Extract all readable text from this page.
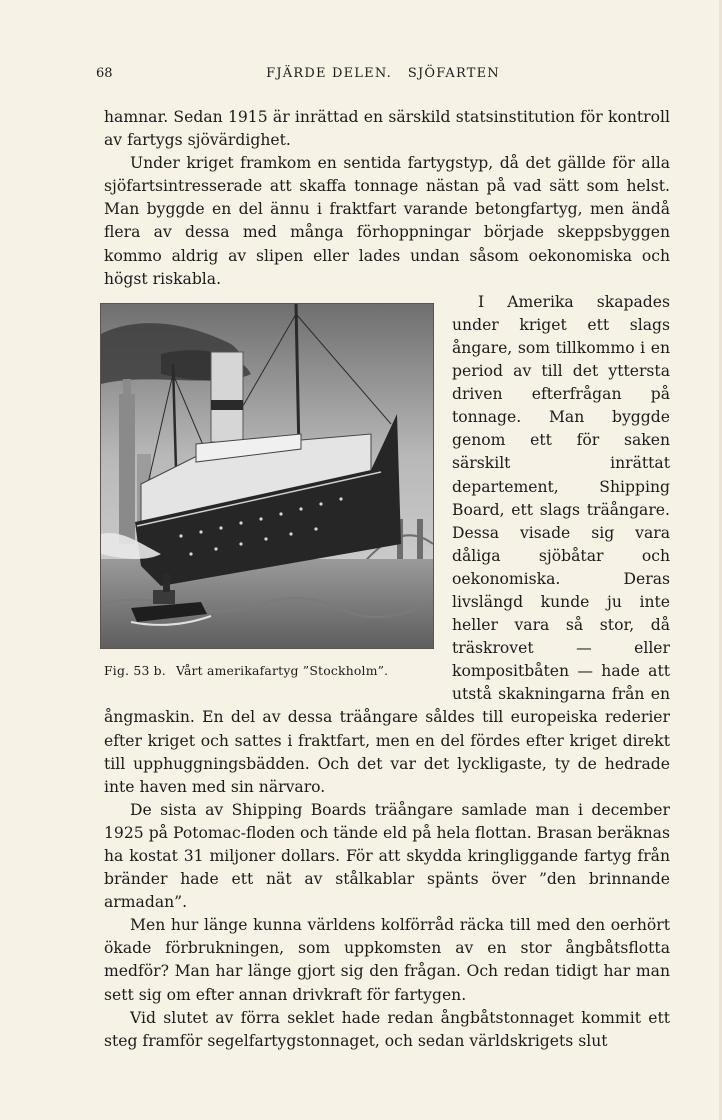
68	FJÄRDE DELEN.   SJÖFARTEN

hamnar. Sedan 1915 är inrättad en särskild statsinstitution för kontroll av fartygs sjövärdighet.

Under kriget framkom en sentida fartygstyp, då det gällde för alla sjöfartsintresserade att skaffa tonnage nästan på vad sätt som helst. Man byggde en del ännu i fraktfart varande betongfartyg, men ändå flera av dessa med många förhoppningar började skeppsbyggen kommo aldrig av slipen eller lades undan såsom oekonomiska och högst riskabla.

Fig. 53 b. Vårt amerikafartyg ”Stockholm”.

I Amerika skapades under kriget ett slags ångare, som tillkommo i en period av till det yttersta driven efterfrågan på tonnage. Man byggde genom ett för saken särskilt inrättat departement, Shipping Board, ett slags träångare. Dessa visade sig vara dåliga sjöbåtar och oekonomiska. Deras livslängd kunde ju inte heller vara så stor, då träskrovet — eller kompositbåten — hade att utstå skakningarna från en ångmaskin. En del av dessa träångare såldes till europeiska rederier efter kriget och sattes i fraktfart, men en del fördes efter kriget direkt till upphuggningsbädden. Och det var det lyckligaste, ty de hedrade inte haven med sin närvaro.

De sista av Shipping Boards träångare samlade man i december 1925 på Potomac-floden och tände eld på hela flottan. Brasan beräknas ha kostat 31 miljoner dollars. För att skydda kringliggande fartyg från bränder hade ett nät av stålkablar spänts över ”den brinnande armadan”.

Men hur länge kunna världens kolförråd räcka till med den oerhört ökade förbrukningen, som uppkomsten av en stor ångbåtsflotta medför? Man har länge gjort sig den frågan. Och redan tidigt har man sett sig om efter annan drivkraft för fartygen.

Vid slutet av förra seklet hade redan ångbåtstonnaget kommit ett steg framför segelfartygstonnaget, och sedan världskrigets slut
